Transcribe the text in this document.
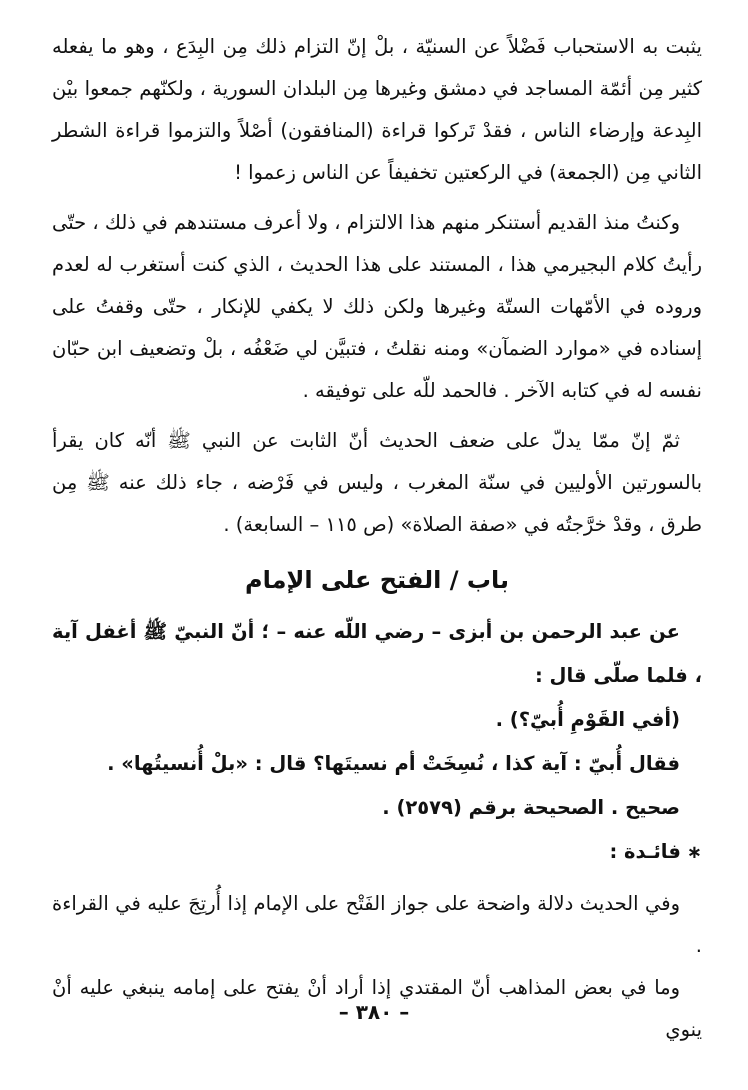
يثبت به الاستحباب فَضْلاً عن السنيّة ، بلْ إنّ التزام ذلك مِن البِدَع ، وهو ما يفعله كثير مِن أئمّة المساجد في دمشق وغيرها مِن البلدان السورية ، ولكنّهم جمعوا بيْن البِدعة وإرضاء الناس ، فقدْ تَركوا قراءة (المنافقون) أصْلاً والتزموا قراءة الشطر الثاني مِن (الجمعة) في الركعتين تخفيفاً عن الناس زعموا !

وكنتُ منذ القديم أستنكر منهم هذا الالتزام ، ولا أعرف مستندهم في ذلك ، حتّى رأيتُ كلام البجيرمي هذا ، المستند على هذا الحديث ، الذي كنت أستغرب له لعدم وروده في الأمّهات الستّة وغيرها ولكن ذلك لا يكفي للإنكار ، حتّى وقفتُ على إسناده في «موارد الضمآن» ومنه نقلتُ ، فتبيَّن لي ضَعْفُه ، بلْ وتضعيف ابن حبّان نفسه له في كتابه الآخر . فالحمد للّه على توفيقه .

ثمّ إنّ ممّا يدلّ على ضعف الحديث أنّ الثابت عن النبي ﷺ أنّه كان يقرأ بالسورتين الأوليين في سنّة المغرب ، وليس في فَرْضه ، جاء ذلك عنه ﷺ مِن طرق ، وقدْ خرَّجتُه في «صفة الصلاة» (ص ١١٥ – السابعة) .

باب / الفتح على الإمام

عن عبد الرحمن بن أبزى – رضي اللّه عنه – ؛ أنّ النبيّ ﷺ أغفل آية ، فلما صلّى قال :

(أفي القَوْمِ أُبيّ؟) .

فقال أُبيّ : آية كذا ، نُسِخَتْ أم نسيتَها؟ قال : «بلْ أُنسيتُها» .

صحيح . الصحيحة برقم (٢٥٧٩) .

∗فائـدة :

وفي الحديث دلالة واضحة على جواز الفَتْح على الإمام إذا أُرتِجَ عليه في القراءة .

وما في بعض المذاهب أنّ المقتدي إذا أراد أنْ يفتح على إمامه ينبغي عليه أنْ ينوي

– ٣٨٠ –
